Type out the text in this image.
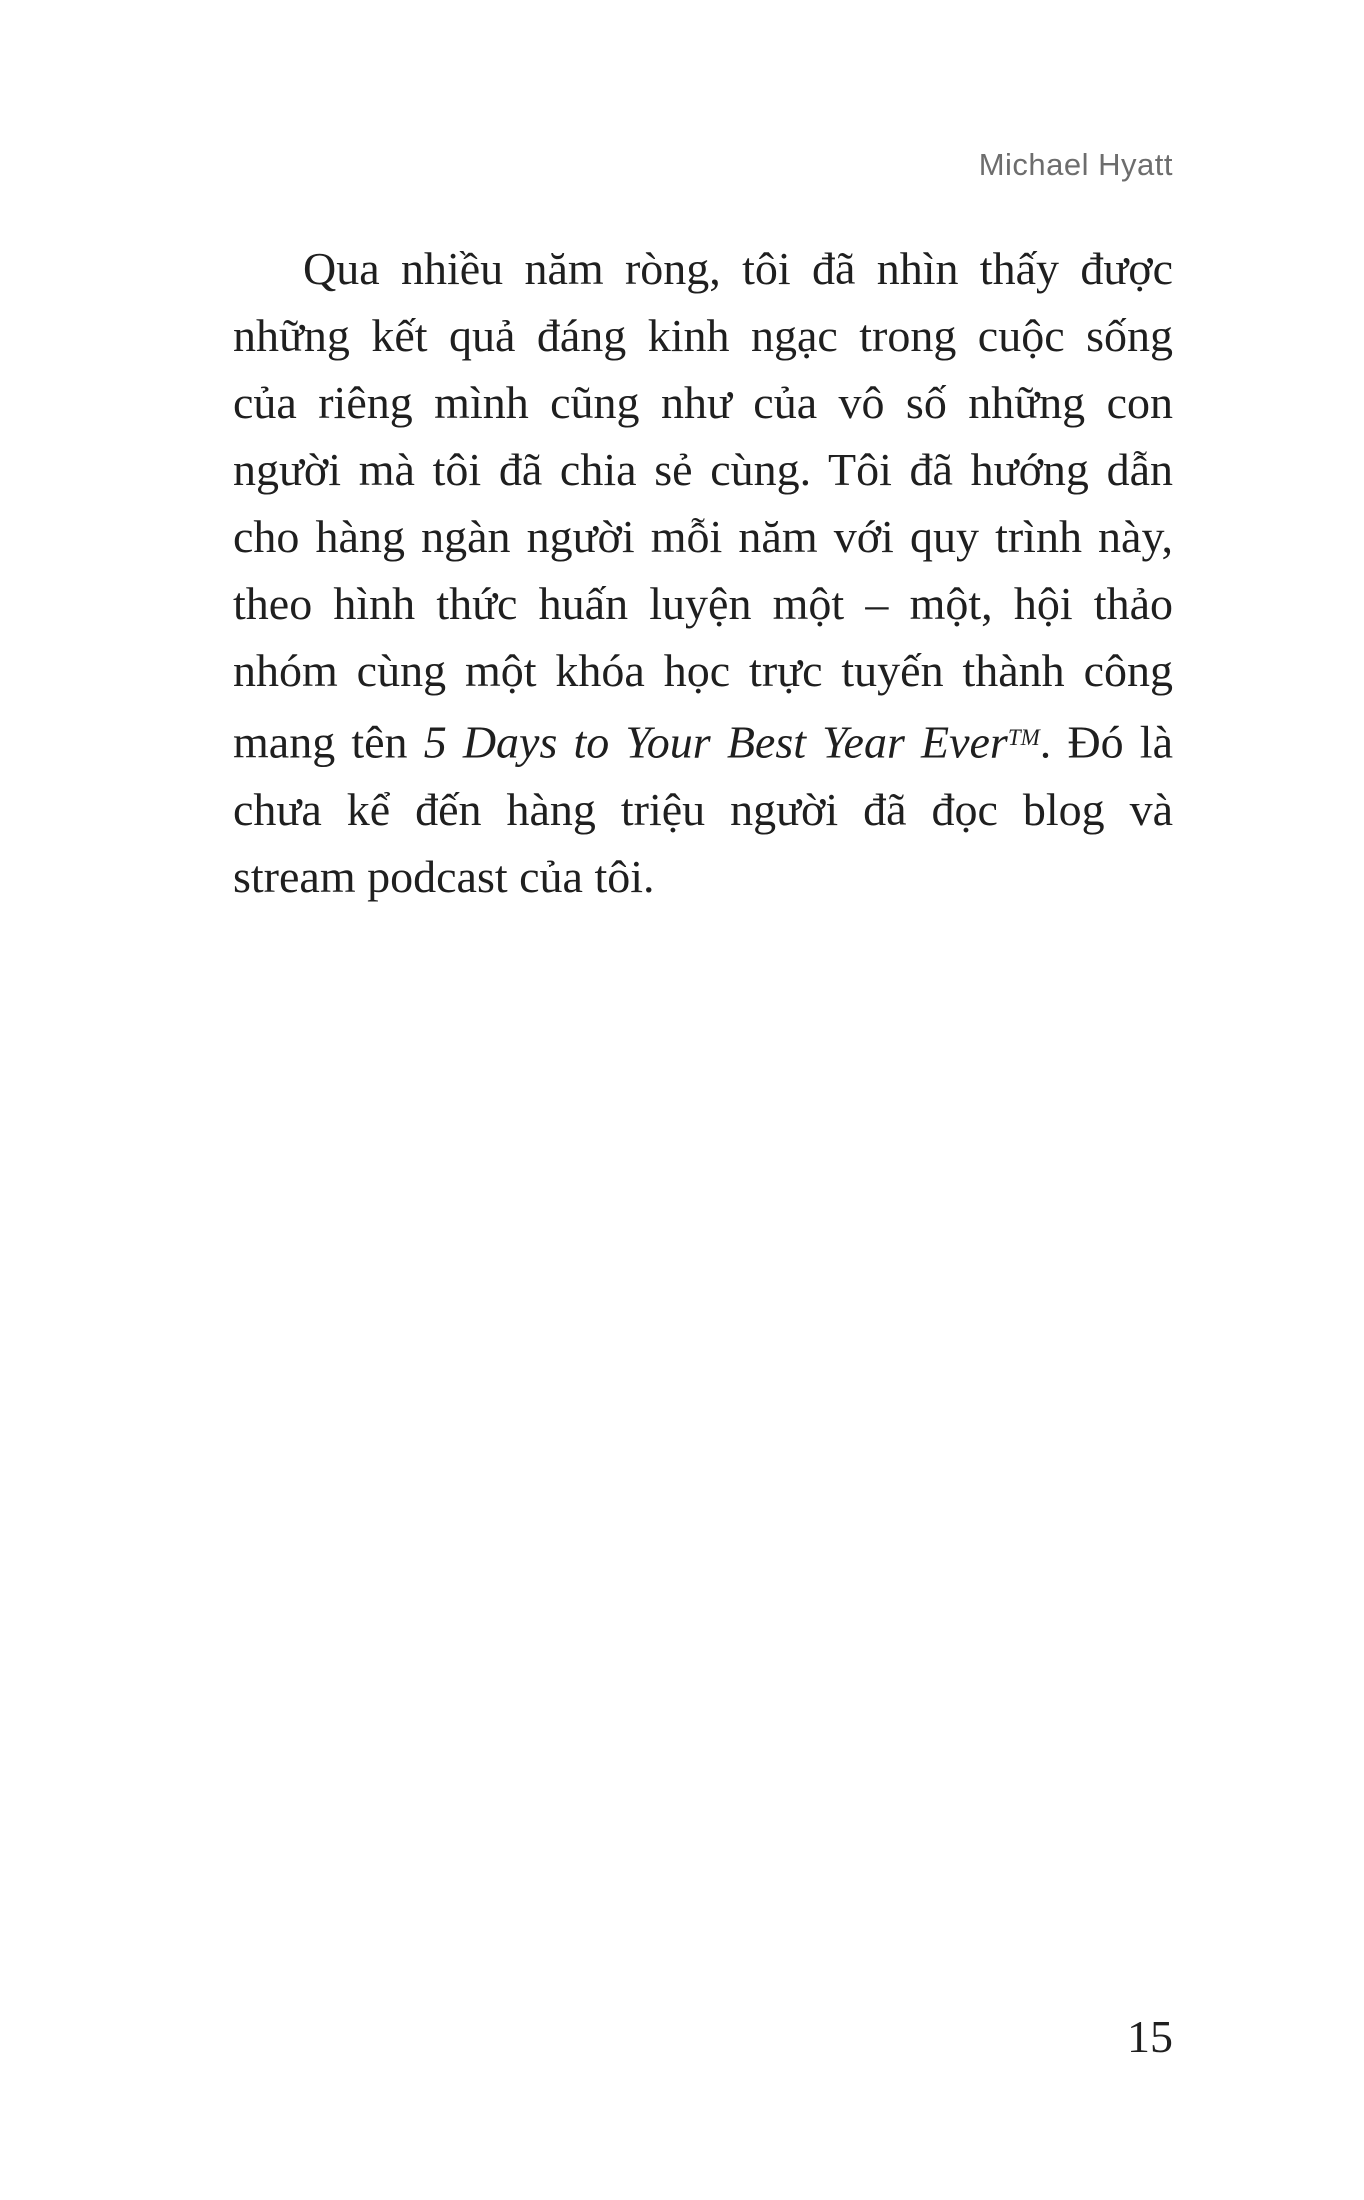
Michael Hyatt
Qua nhiều năm ròng, tôi đã nhìn thấy được
những kết quả đáng kinh ngạc trong cuộc sống
của riêng mình cũng như của vô số những con
người mà tôi đã chia sẻ cùng. Tôi đã hướng dẫn
cho hàng ngàn người mỗi năm với quy trình này,
theo hình thức huấn luyện một – một, hội thảo
nhóm cùng một khóa học trực tuyến thành công
mang tên 5 Days to Your Best Year Ever™. Đó là
chưa kể đến hàng triệu người đã đọc blog và
stream podcast của tôi.
15
